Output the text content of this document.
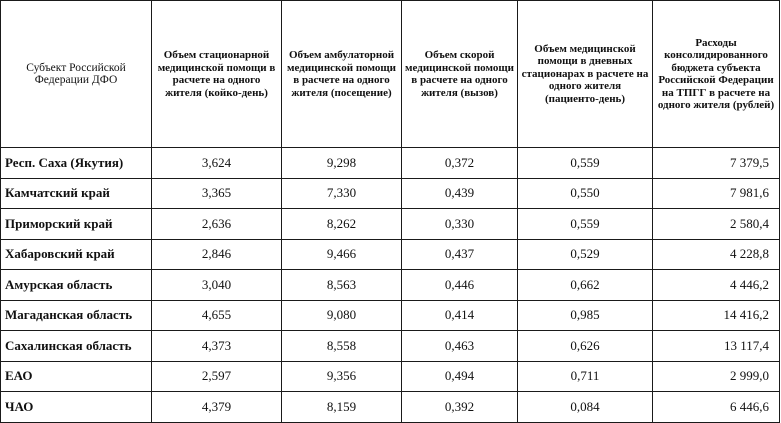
Субъект Российской Федерации ДФО	Объем стационарной медицинской помощи в расчете на одного жителя (койко-день)	Объем амбулаторной медицинской помощи в расчете на одного жителя (посещение)	Объем скорой медицинской помощи в расчете на одного жителя (вызов)	Объем медицинской помощи в дневных стационарах в расчете на одного жителя (пациенто-день)	Расходы консолидированного бюджета субъекта Российской Федерации на ТПГГ в расчете на одного жителя (рублей)

Респ. Саха (Якутия)	3,624	9,298	0,372	0,559	7 379,5
Камчатский край	3,365	7,330	0,439	0,550	7 981,6
Приморский край	2,636	8,262	0,330	0,559	2 580,4
Хабаровский край	2,846	9,466	0,437	0,529	4 228,8
Амурская область	3,040	8,563	0,446	0,662	4 446,2
Магаданская область	4,655	9,080	0,414	0,985	14 416,2
Сахалинская область	4,373	8,558	0,463	0,626	13 117,4
ЕАО	2,597	9,356	0,494	0,711	2 999,0
ЧАО	4,379	8,159	0,392	0,084	6 446,6
